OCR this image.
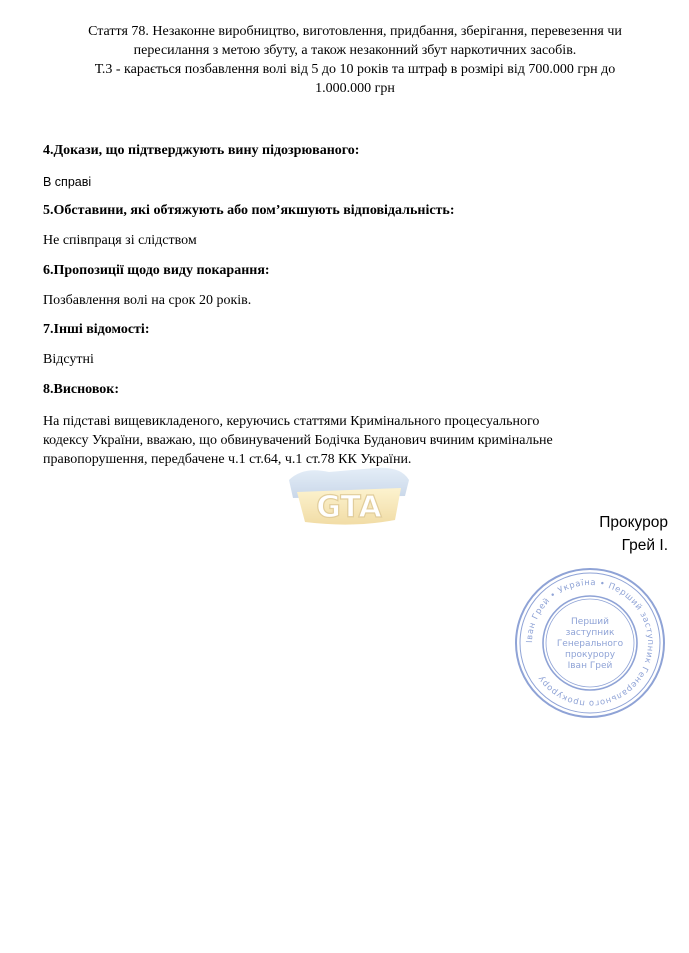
Стаття 78. Незаконне виробництво, виготовлення, придбання, зберігання, перевезення чи
пересилання з метою збуту, а також незаконний збут наркотичних засобів.
Т.3 - карається позбавлення волі від 5 до 10 років та штраф в розмірі від 700.000 грн до
1.000.000 грн
4.Докази, що підтверджують вину підозрюваного:
В справі
5.Обставини, які обтяжують або пом’якшують відповідальність:
Не співпраця зі слідством
6.Пропозиції щодо виду покарання:
Позбавлення волі на срок 20 років.
7.Інші відомості:
Відсутні
8.Висновок:
На підставі вищевикладеного, керуючись статтями Кримінального процесуального
кодексу України, вважаю, що обвинувачений Бодічка Буданович вчиним кримінальне
правопорушення, передбачене ч.1 ст.64, ч.1 ст.78 КК України.
GTA	Прокурор
Грей І.
Іван Грей • Україна • Перший заступник Генерального прокурору
Перший
заступник
Генерального
прокурору
Іван Грей
